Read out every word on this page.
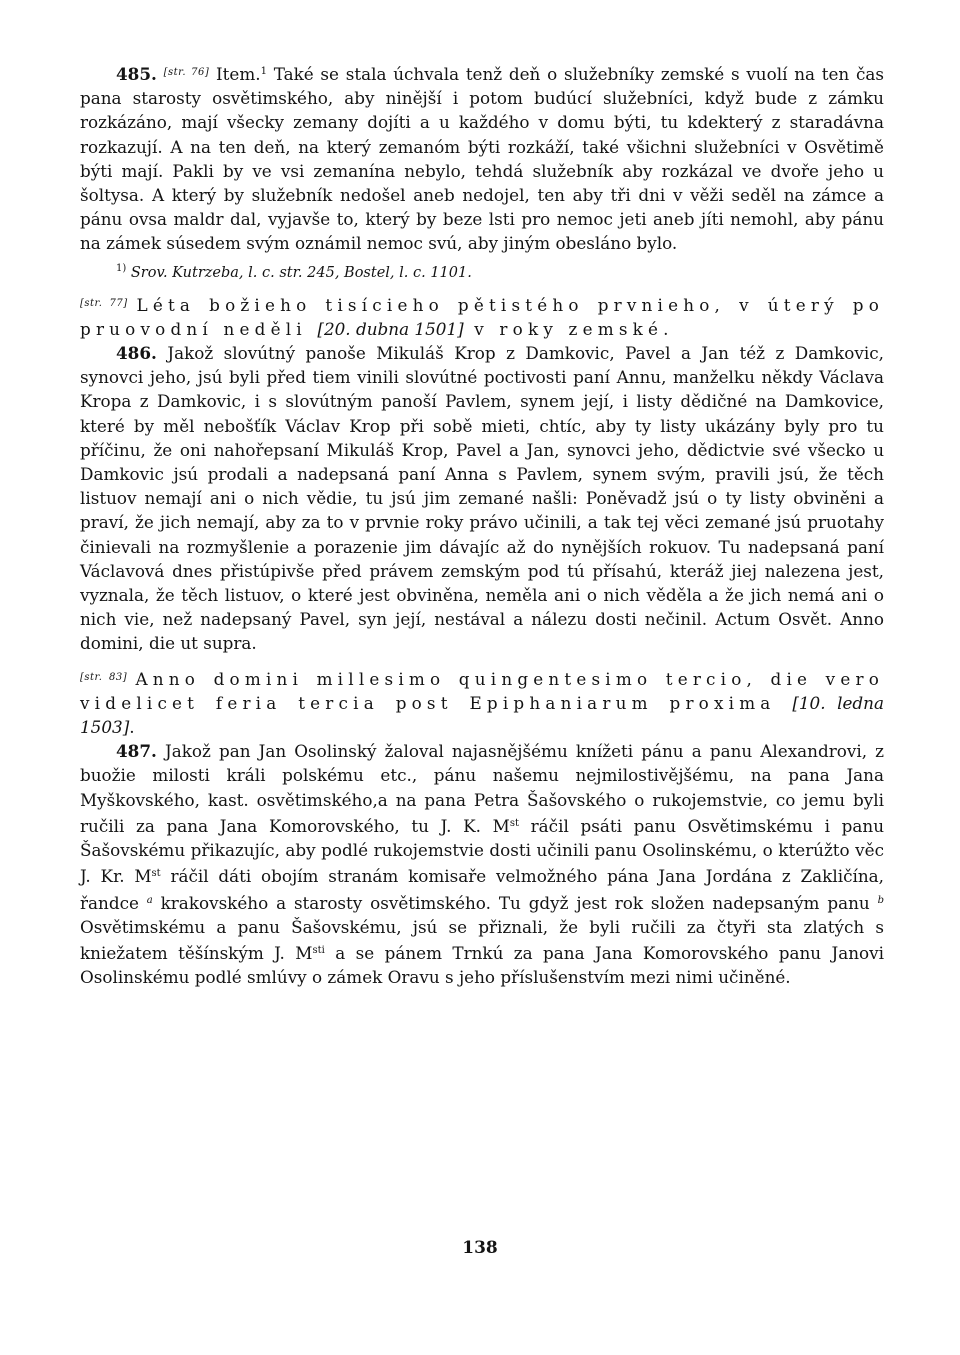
485. [str. 76] Item.$^1$ Také se stala úchvala tenž deň o služebníky zemské s vuolí na ten čas pana starosty osvětimského, aby ninější i potom budúcí služebníci, když bude z zámku rozkázáno, mají všecky zemany dojíti a u každého v domu býti, tu kdekterý z staradávna rozkazují. A na ten deň, na který zemanóm býti rozkáží, také všichni služebníci v Osvětimě býti mají. Pakli by ve vsi zemanína nebylo, tehdá služebník aby rozkázal ve dvoře jeho u šoltysa. A který by služebník nedošel aneb nedojel, ten aby tři dni v věži seděl na zámce a pánu ovsa maldr dal, vyjavše to, který by beze lsti pro nemoc jeti aneb jíti nemohl, aby pánu na zámek súsedem svým oznámil nemoc svú, aby jiným obesláno bylo.

$^{1)}$ Srov. Kutrzeba, l. c. str. 245, Bostel, l. c. 1101.

[str. 77] Léta božieho tisícieho pětistého prvnieho, v úterý po pruovodní neděli [20. dubna 1501] v roky zemské.

486. Jakož slovútný panoše Mikuláš Krop z Damkovic, Pavel a Jan též z Damkovic, synovci jeho, jsú byli před tiem vinili slovútné poctivosti paní Annu, manželku někdy Václava Kropa z Damkovic, i s slovútným panoší Pavlem, synem její, i listy dědičné na Damkovice, které by měl nebošťík Václav Krop při sobě mieti, chtíc, aby ty listy ukázány byly pro tu příčinu, že oni nahořepsaní Mikuláš Krop, Pavel a Jan, synovci jeho, dědictvie své všecko u Damkovic jsú prodali a nadepsaná paní Anna s Pavlem, synem svým, pravili jsú, že těch listuov nemají ani o nich vědie, tu jsú jim zemané našli: Poněvadž jsú o ty listy obviněni a praví, že jich nemají, aby za to v prvnie roky právo učinili, a tak tej věci zemané jsú pruotahy činievali na rozmyšlenie a porazenie jim dávajíc až do nynějších rokuov. Tu nadepsaná paní Václavová dnes přistúpivše před právem zemským pod tú přísahú, kteráž jiej nalezena jest, vyznala, že těch listuov, o které jest obviněna, neměla ani o nich věděla a že jich nemá ani o nich vie, než nadepsaný Pavel, syn její, nestával a nálezu dosti nečinil. Actum Osvět. Anno domini, die ut supra.

[str. 83] Anno domini millesimo quingentesimo tercio, die vero videlicet feria tercia post Epiphaniarum proxima [10. ledna 1503].

487. Jakož pan Jan Osolinský žaloval najasnějšému knížeti pánu a panu Alexandrovi, z buožie milosti králi polskému etc., pánu našemu nejmilostivějšému, na pana Jana Myškovského, kast. osvětimského,a na pana Petra Šašovského o rukojemstvie, co jemu byli ručili za pana Jana Komorovského, tu J. K. Mst ráčil psáti panu Osvětimskému i panu Šašovskému přikazujíc, aby podlé rukojemstvie dosti učinili panu Osolinskému, o kterúžto věc J. Kr. Mst ráčil dáti obojím stranám komisaře velmožného pána Jana Jordána z Zakličína, řandce $^a$ krakovského a starosty osvětimského. Tu gdyž jest rok složen nadepsaným panu $^b$ Osvětimskému a panu Šašovskému, jsú se přiznali, že byli ručili za čtyři sta zlatých s kniežatem těšínským J. $M^{sti}$ a se pánem Trnkú za pana Jana Komorovského panu Janovi Osolinskému podlé smlúvy o zámek Oravu s jeho příslušenstvím mezi nimi učiněné.

138
